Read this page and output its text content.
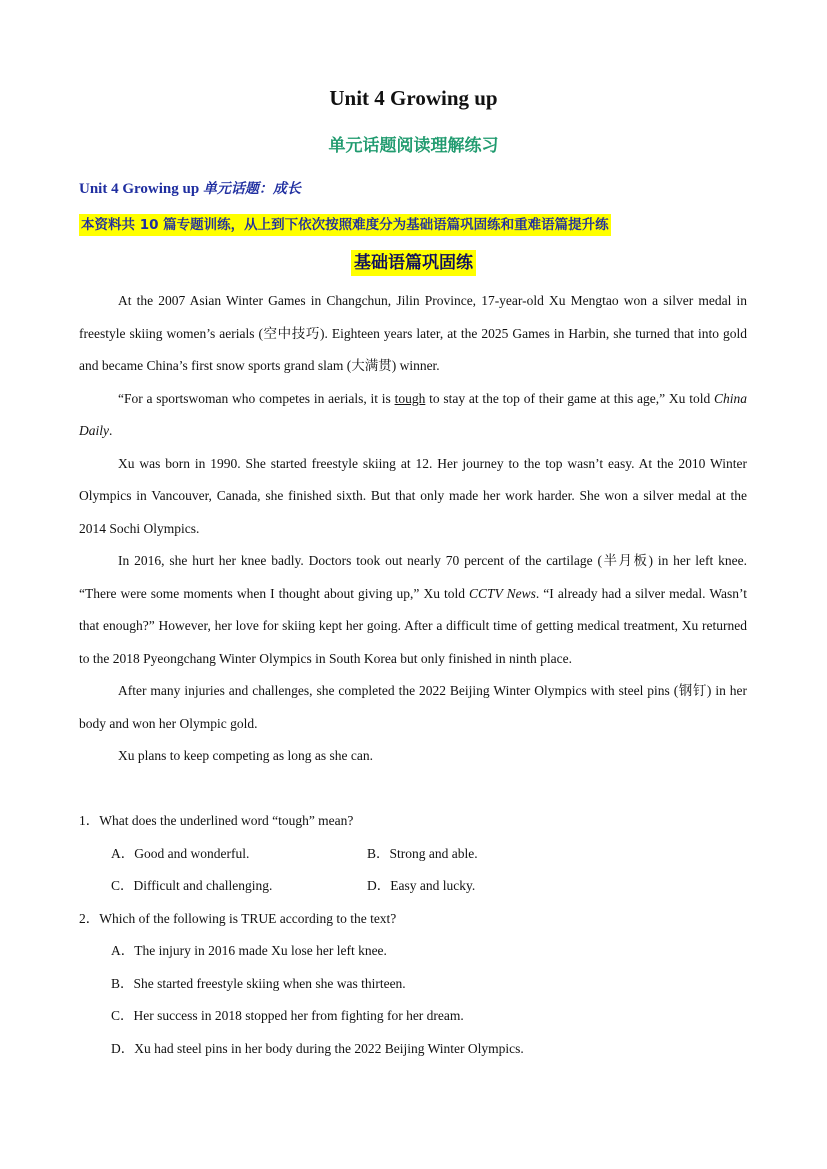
Unit 4 Growing up
单元话题阅读理解练习
Unit 4 Growing up 单元话题：成长
本资料共 10 篇专题训练，从上到下依次按照难度分为基础语篇巩固练和重难语篇提升练
基础语篇巩固练

At the 2007 Asian Winter Games in Changchun, Jilin Province, 17-year-old Xu Mengtao won a silver medal in freestyle skiing women’s aerials (空中技巧). Eighteen years later, at the 2025 Games in Harbin, she turned that into gold and became China’s first snow sports grand slam (大满贯) winner.

“For a sportswoman who competes in aerials, it is tough to stay at the top of their game at this age,” Xu told China Daily.

Xu was born in 1990. She started freestyle skiing at 12. Her journey to the top wasn’t easy. At the 2010 Winter Olympics in Vancouver, Canada, she finished sixth. But that only made her work harder. She won a silver medal at the 2014 Sochi Olympics.

In 2016, she hurt her knee badly. Doctors took out nearly 70 percent of the cartilage (半月板) in her left knee. “There were some moments when I thought about giving up,” Xu told CCTV News. “I already had a silver medal. Wasn’t that enough?” However, her love for skiing kept her going. After a difficult time of getting medical treatment, Xu returned to the 2018 Pyeongchang Winter Olympics in South Korea but only finished in ninth place.

After many injuries and challenges, she completed the 2022 Beijing Winter Olympics with steel pins (钢钉) in her body and won her Olympic gold.

Xu plans to keep competing as long as she can.

1．What does the underlined word “tough” mean?
A．Good and wonderful.	B．Strong and able.
C．Difficult and challenging.	D．Easy and lucky.
2．Which of the following is TRUE according to the text?
A．The injury in 2016 made Xu lose her left knee.
B．She started freestyle skiing when she was thirteen.
C．Her success in 2018 stopped her from fighting for her dream.
D．Xu had steel pins in her body during the 2022 Beijing Winter Olympics.
